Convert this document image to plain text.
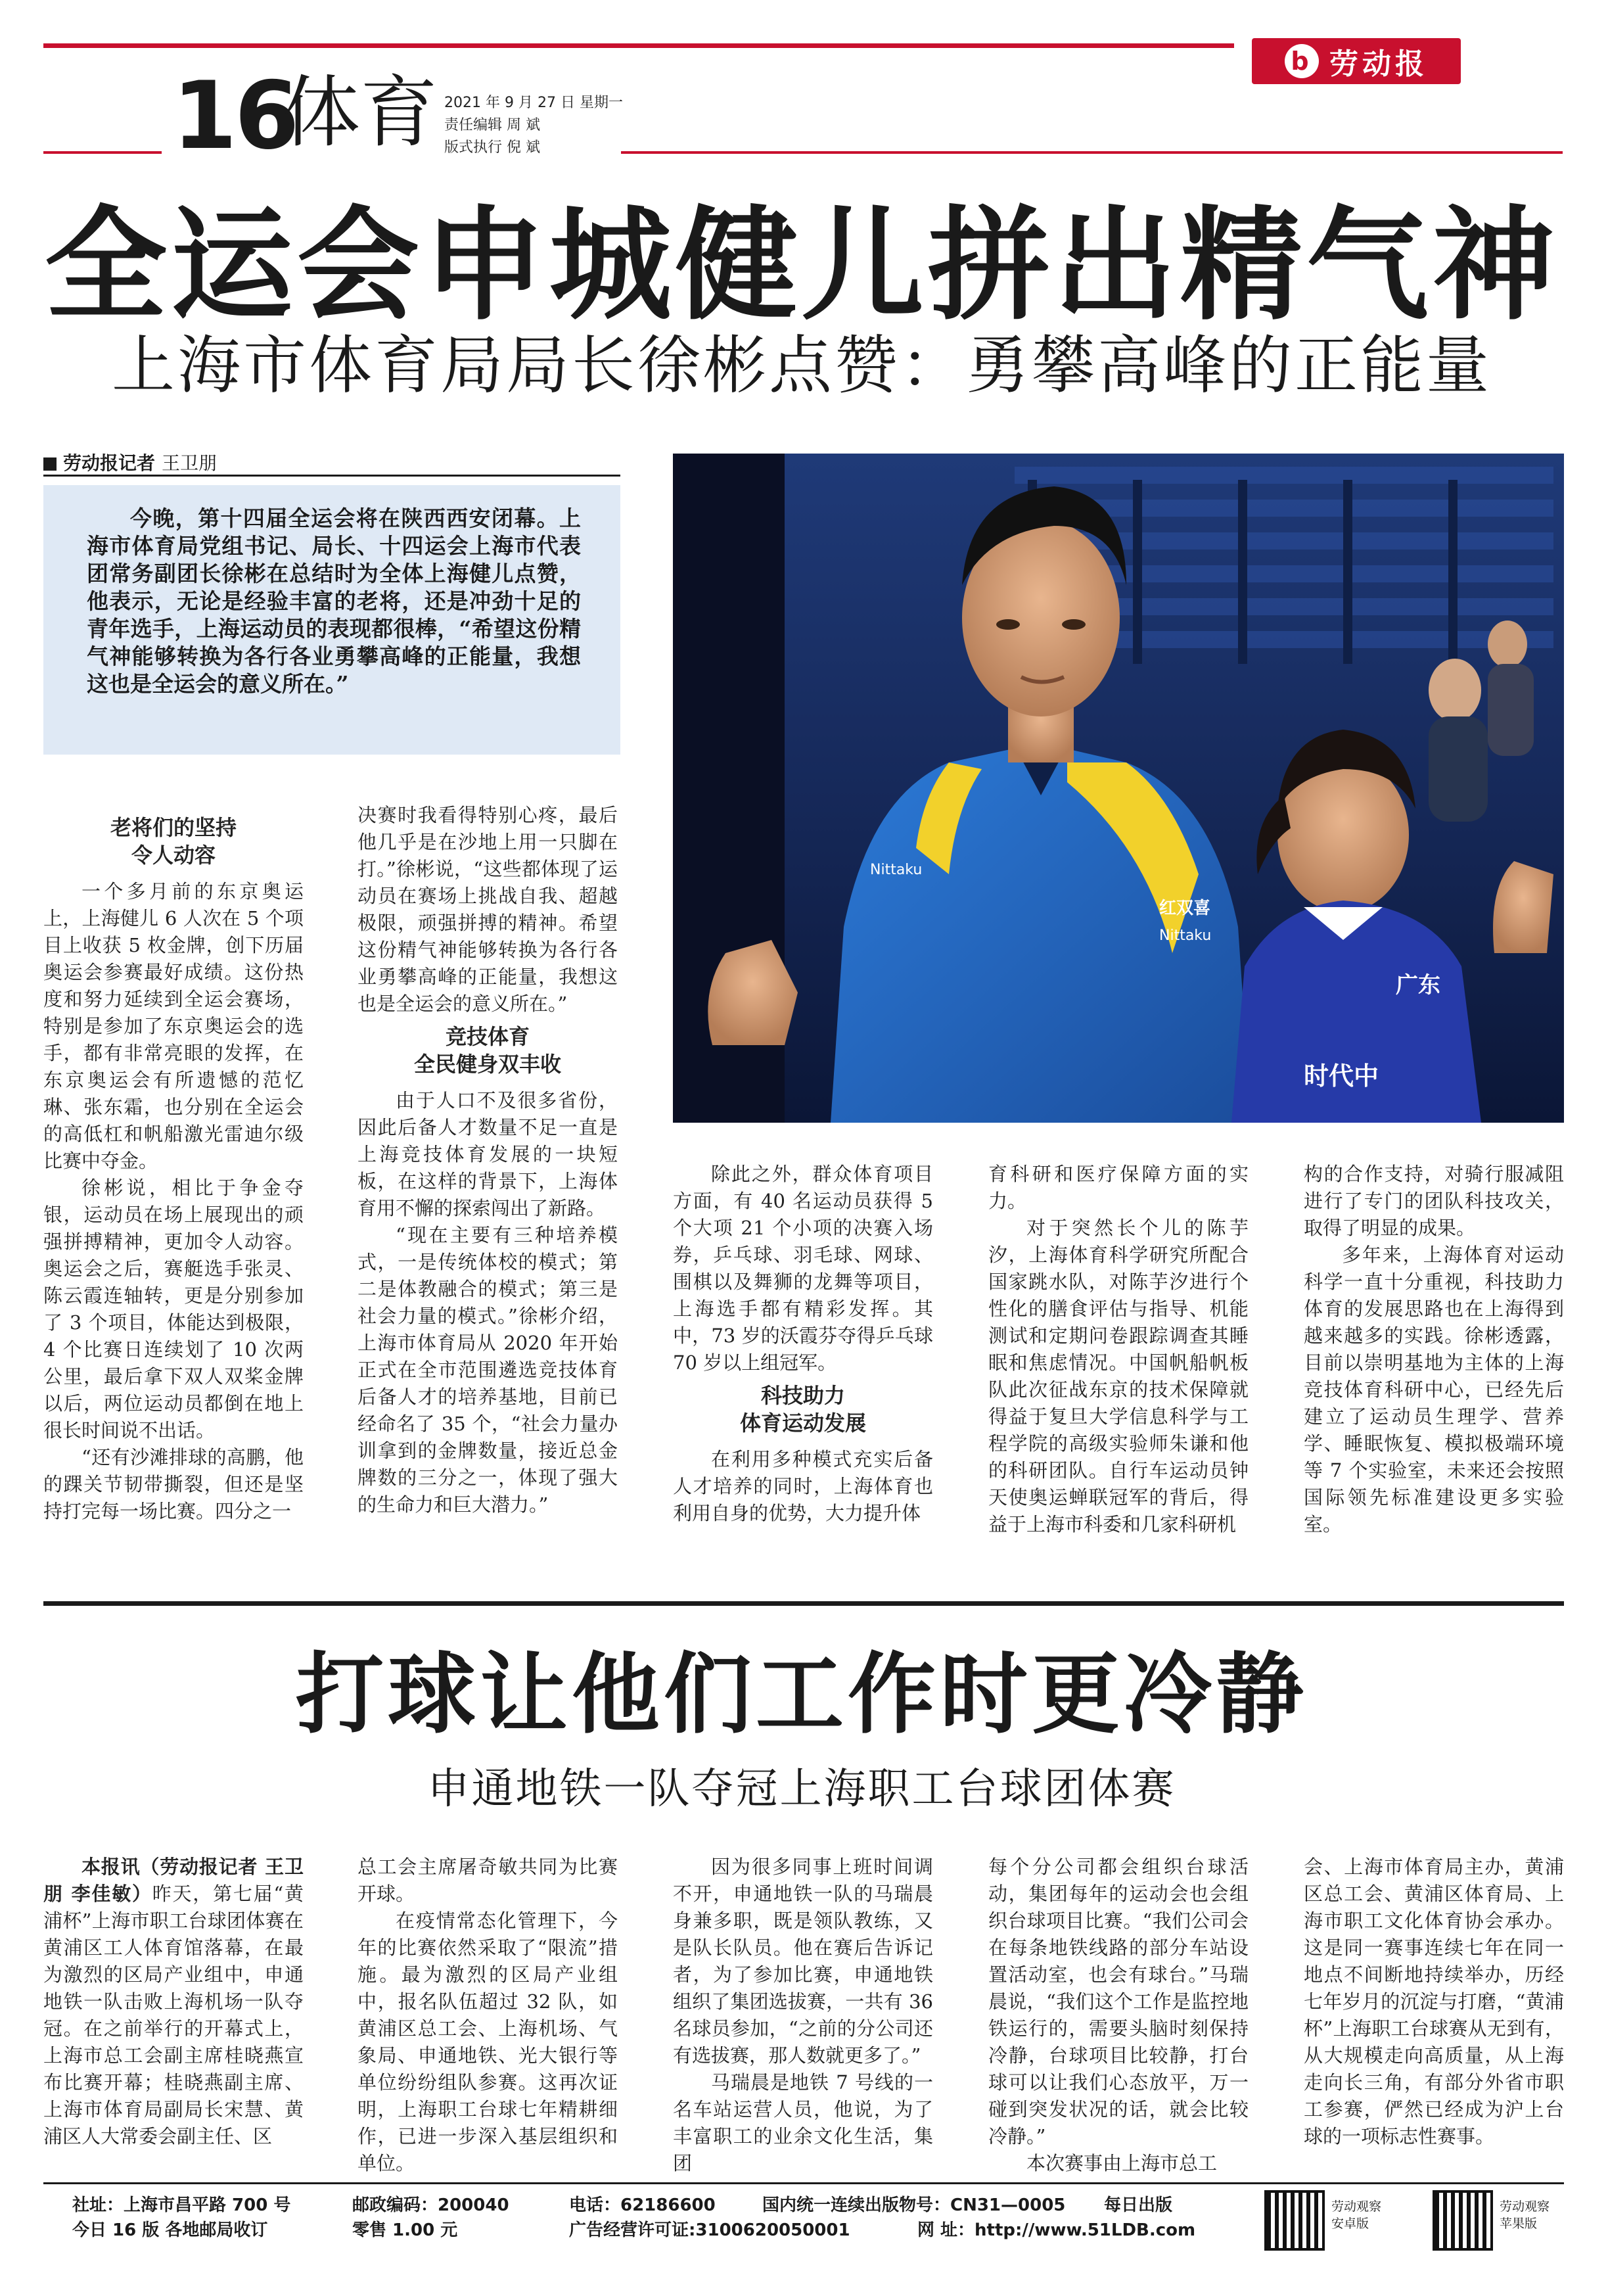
b 劳动报
16
体育 2021 年 9 月 27 日 星期一
责任编辑 周 斌
版式执行 倪 斌
全运会申城健儿拼出精气神
上海市体育局局长徐彬点赞：勇攀高峰的正能量
劳动报记者 王卫朋
今晚，第十四届全运会将在陕西西安闭幕。上海市体育局党组书记、局长、十四运会上海市代表团常务副团长徐彬在总结时为全体上海健儿点赞，他表示，无论是经验丰富的老将，还是冲劲十足的青年选手，上海运动员的表现都很棒，“希望这份精气神能够转换为各行各业勇攀高峰的正能量，我想这也是全运会的意义所在。”
Nittaku
红双喜
Nittaku
广东
时代中
老将们的坚持
令人动容

一个多月前的东京奥运上，上海健儿 6 人次在 5 个项目上收获 5 枚金牌，创下历届奥运会参赛最好成绩。这份热度和努力延续到全运会赛场，特别是参加了东京奥运会的选手，都有非常亮眼的发挥，在东京奥运会有所遗憾的范忆琳、张东霜，也分别在全运会的高低杠和帆船激光雷迪尔级比赛中夺金。

徐彬说，相比于争金夺银，运动员在场上展现出的顽强拼搏精神，更加令人动容。奥运会之后，赛艇选手张灵、陈云霞连轴转，更是分别参加了 3 个项目，体能达到极限，4 个比赛日连续划了 10 次两公里，最后拿下双人双桨金牌以后，两位运动员都倒在地上很长时间说不出话。

“还有沙滩排球的高鹏，他的踝关节韧带撕裂，但还是坚持打完每一场比赛。四分之一

决赛时我看得特别心疼，最后他几乎是在沙地上用一只脚在打。”徐彬说，“这些都体现了运动员在赛场上挑战自我、超越极限，顽强拼搏的精神。希望这份精气神能够转换为各行各业勇攀高峰的正能量，我想这也是全运会的意义所在。”

竞技体育
全民健身双丰收

由于人口不及很多省份，因此后备人才数量不足一直是上海竞技体育发展的一块短板，在这样的背景下，上海体育用不懈的探索闯出了新路。

“现在主要有三种培养模式，一是传统体校的模式；第二是体教融合的模式；第三是社会力量的模式。”徐彬介绍，上海市体育局从 2020 年开始正式在全市范围遴选竞技体育后备人才的培养基地，目前已经命名了 35 个，“社会力量办训拿到的金牌数量，接近总金牌数的三分之一，体现了强大的生命力和巨大潜力。”

除此之外，群众体育项目方面，有 40 名运动员获得 5 个大项 21 个小项的决赛入场券，乒乓球、羽毛球、网球、围棋以及舞狮的龙舞等项目，上海选手都有精彩发挥。其中，73 岁的沃霞芬夺得乒乓球 70 岁以上组冠军。

科技助力
体育运动发展

在利用多种模式充实后备人才培养的同时，上海体育也利用自身的优势，大力提升体

育科研和医疗保障方面的实力。

对于突然长个儿的陈芋汐，上海体育科学研究所配合国家跳水队，对陈芋汐进行个性化的膳食评估与指导、机能测试和定期问卷跟踪调查其睡眠和焦虑情况。中国帆船帆板队此次征战东京的技术保障就得益于复旦大学信息科学与工程学院的高级实验师朱谦和他的科研团队。自行车运动员钟天使奥运蝉联冠军的背后，得益于上海市科委和几家科研机

构的合作支持，对骑行服减阻进行了专门的团队科技攻关，取得了明显的成果。

多年来，上海体育对运动科学一直十分重视，科技助力体育的发展思路也在上海得到越来越多的实践。徐彬透露，目前以崇明基地为主体的上海竞技体育科研中心，已经先后建立了运动员生理学、营养学、睡眠恢复、模拟极端环境等 7 个实验室，未来还会按照国际领先标准建设更多实验室。

打球让他们工作时更冷静
申通地铁一队夺冠上海职工台球团体赛

本报讯（劳动报记者 王卫朋 李佳敏）昨天，第七届“黄浦杯”上海市职工台球团体赛在黄浦区工人体育馆落幕，在最为激烈的区局产业组中，申通地铁一队击败上海机场一队夺冠。在之前举行的开幕式上，上海市总工会副主席桂晓燕宣布比赛开幕；桂晓燕副主席、上海市体育局副局长宋慧、黄浦区人大常委会副主任、区

总工会主席屠奇敏共同为比赛开球。

在疫情常态化管理下，今年的比赛依然采取了“限流”措施。最为激烈的区局产业组中，报名队伍超过 32 队，如黄浦区总工会、上海机场、气象局、申通地铁、光大银行等单位纷纷组队参赛。这再次证明，上海职工台球七年精耕细作，已进一步深入基层组织和单位。

因为很多同事上班时间调不开，申通地铁一队的马瑞晨身兼多职，既是领队教练，又是队长队员。他在赛后告诉记者，为了参加比赛，申通地铁组织了集团选拔赛，一共有 36 名球员参加，“之前的分公司还有选拔赛，那人数就更多了。”

马瑞晨是地铁 7 号线的一名车站运营人员，他说，为了丰富职工的业余文化生活，集团

每个分公司都会组织台球活动，集团每年的运动会也会组织台球项目比赛。“我们公司会在每条地铁线路的部分车站设置活动室，也会有球台。”马瑞晨说，“我们这个工作是监控地铁运行的，需要头脑时刻保持冷静，台球项目比较静，打台球可以让我们心态放平，万一碰到突发状况的话，就会比较冷静。”

本次赛事由上海市总工

会、上海市体育局主办，黄浦区总工会、黄浦区体育局、上海市职工文化体育协会承办。这是同一赛事连续七年在同一地点不间断地持续举办，历经七年岁月的沉淀与打磨，“黄浦杯”上海职工台球赛从无到有，从大规模走向高质量，从上海走向长三角，有部分外省市职工参赛，俨然已经成为沪上台球的一项标志性赛事。

社址：上海市昌平路 700 号
今日 16 版 各地邮局收订
邮政编码：200040
零售 1.00 元
电话：62186600
广告经营许可证:3100620050001
国内统一连续出版物号：CN31—0005	每日出版
网 址：http://www.51LDB.com
劳动观察
安卓版
劳动观察
苹果版
